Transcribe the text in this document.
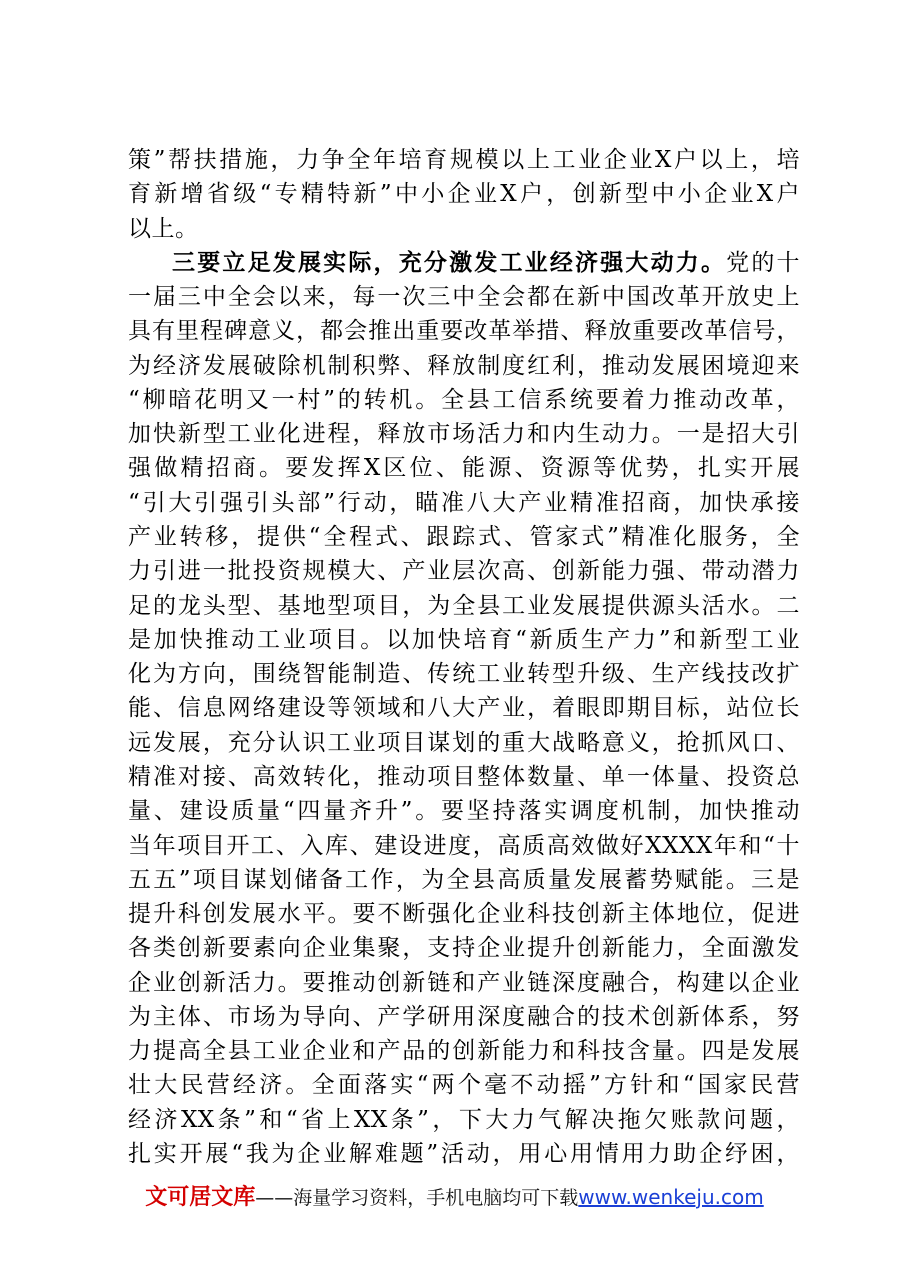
策”帮扶措施，力争全年培育规模以上工业企业X户以上，培
育新增省级“专精特新”中小企业X户，创新型中小企业X户
以上。
三要立足发展实际，充分激发工业经济强大动力。党的十
一届三中全会以来，每一次三中全会都在新中国改革开放史上
具有里程碑意义，都会推出重要改革举措、释放重要改革信号，
为经济发展破除机制积弊、释放制度红利，推动发展困境迎来
“柳暗花明又一村”的转机。全县工信系统要着力推动改革，
加快新型工业化进程，释放市场活力和内生动力。一是招大引
强做精招商。要发挥X区位、能源、资源等优势，扎实开展
“引大引强引头部”行动，瞄准八大产业精准招商，加快承接
产业转移，提供“全程式、跟踪式、管家式”精准化服务，全
力引进一批投资规模大、产业层次高、创新能力强、带动潜力
足的龙头型、基地型项目，为全县工业发展提供源头活水。二
是加快推动工业项目。以加快培育“新质生产力”和新型工业
化为方向，围绕智能制造、传统工业转型升级、生产线技改扩
能、信息网络建设等领域和八大产业，着眼即期目标，站位长
远发展，充分认识工业项目谋划的重大战略意义，抢抓风口、
精准对接、高效转化，推动项目整体数量、单一体量、投资总
量、建设质量“四量齐升”。要坚持落实调度机制，加快推动
当年项目开工、入库、建设进度，高质高效做好XXXX年和“十
五五”项目谋划储备工作，为全县高质量发展蓄势赋能。三是
提升科创发展水平。要不断强化企业科技创新主体地位，促进
各类创新要素向企业集聚，支持企业提升创新能力，全面激发
企业创新活力。要推动创新链和产业链深度融合，构建以企业
为主体、市场为导向、产学研用深度融合的技术创新体系，努
力提高全县工业企业和产品的创新能力和科技含量。四是发展
壮大民营经济。全面落实“两个毫不动摇”方针和“国家民营
经济XX条”和“省上XX条”，下大力气解决拖欠账款问题，
扎实开展“我为企业解难题”活动，用心用情用力助企纾困，
文可居文库——海量学习资料，手机电脑均可下载www.wenkeju.com
